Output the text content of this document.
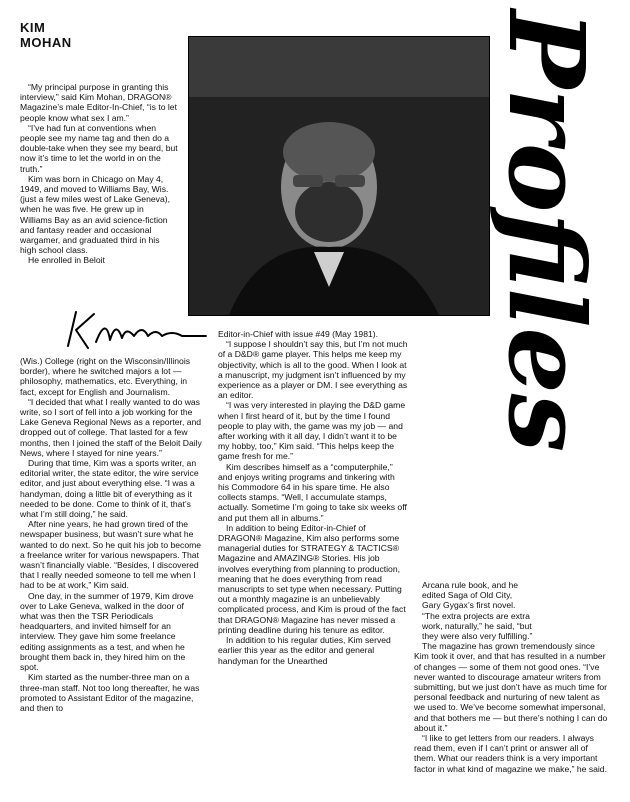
KIM
MOHAN	Profiles

“My principal purpose in granting this interview,” said Kim Mohan, DRAGON® Magazine’s male Editor-In-Chief, “is to let people know what sex I am.”

“I’ve had fun at conventions when people see my name tag and then do a double-take when they see my beard, but now it’s time to let the world in on the truth.”

Kim was born in Chicago on May 4, 1949, and moved to Williams Bay, Wis. (just a few miles west of Lake Geneva), when he was five. He grew up in Williams Bay as an avid science-fiction and fantasy reader and occasional wargamer, and graduated third in his high school class.

He enrolled in Beloit

(Wis.) College (right on the Wisconsin/Illinois border), where he switched majors a lot — philosophy, mathematics, etc. Everything, in fact, except for English and Journalism.

“I decided that what I really wanted to do was write, so I sort of fell into a job working for the Lake Geneva Regional News as a reporter, and dropped out of college. That lasted for a few months, then I joined the staff of the Beloit Daily News, where I stayed for nine years.”

During that time, Kim was a sports writer, an editorial writer, the state editor, the wire service editor, and just about everything else. “I was a handyman, doing a little bit of everything as it needed to be done. Come to think of it, that’s what I’m still doing,” he said.

After nine years, he had grown tired of the newspaper business, but wasn’t sure what he wanted to do next. So he quit his job to become a freelance writer for various newspapers. That wasn’t financially viable. “Besides, I discovered that I really needed someone to tell me when I had to be at work,” Kim said.

One day, in the summer of 1979, Kim drove over to Lake Geneva, walked in the door of what was then the TSR Periodicals headquarters, and invited himself for an interview. They gave him some freelance editing assignments as a test, and when he brought them back in, they hired him on the spot.

Kim started as the number-three man on a three-man staff. Not too long thereafter, he was promoted to Assistant Editor of the magazine, and then to

Editor-in-Chief with issue #49 (May 1981).

“I suppose I shouldn’t say this, but I’m not much of a D&D® game player. This helps me keep my objectivity, which is all to the good. When I look at a manuscript, my judgment isn’t influenced by my experience as a player or DM. I see everything as an editor.

“I was very interested in playing the D&D game when I first heard of it, but by the time I found people to play with, the game was my job — and after working with it all day, I didn’t want it to be my hobby, too,” Kim said. “This helps keep the game fresh for me.”

Kim describes himself as a “computerphile,” and enjoys writing programs and tinkering with his Commodore 64 in his spare time. He also collects stamps. “Well, I accumulate stamps, actually. Sometime I’m going to take six weeks off and put them all in albums.”

In addition to being Editor-in-Chief of DRAGON® Magazine, Kim also performs some managerial duties for STRATEGY & TACTICS® Magazine and AMAZING® Stories. His job involves everything from planning to production, meaning that he does everything from read manuscripts to set type when necessary. Putting out a monthly magazine is an unbelievably complicated process, and Kim is proud of the fact that DRAGON® Magazine has never missed a printing deadline during his tenure as editor.

In addition to his regular duties, Kim served earlier this year as the editor and general handyman for the Unearthed

Arcana rule book, and he
edited Saga of Old City,
Gary Gygax’s first novel.
“The extra projects are extra
work, naturally,” he said, “but
they were also very fulfilling.”

The magazine has grown tremendously since Kim took it over, and that has resulted in a number of changes — some of them not good ones. “I’ve never wanted to discourage amateur writers from submitting, but we just don’t have as much time for personal feedback and nurturing of new talent as we used to. We’ve become somewhat impersonal, and that bothers me — but there’s nothing I can do about it.”

“I like to get letters from our readers. I always read them, even if I can’t print or answer all of them. What our readers think is a very important factor in what kind of magazine we make,” he said.
